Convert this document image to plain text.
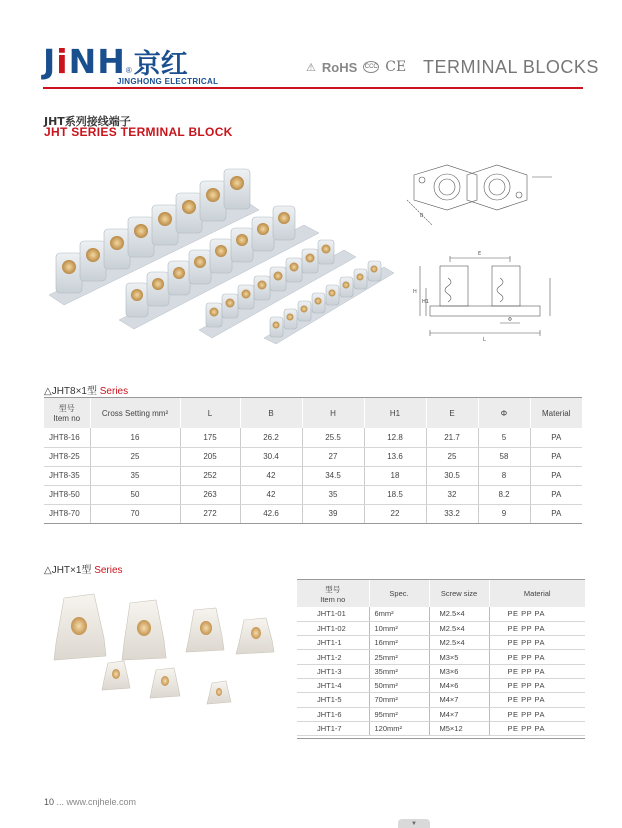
JiNH ® 京红
JINGHONG ELECTRICAL
⚠ RoHS CCC CE TERMINAL BLOCKS
JHT系列接线端子
JHT SERIES TERMINAL BLOCK
B
E
H
H1
L
Φ
△JHT8×1型 Series
型号
Item no	Cross Setting mm²	L	B	H	H1	E	Φ	Material
JHT8-16	16	175	26.2	25.5	12.8	21.7	5	PA
JHT8-25	25	205	30.4	27	13.6	25	58	PA
JHT8-35	35	252	42	34.5	18	30.5	8	PA
JHT8-50	50	263	42	35	18.5	32	8.2	PA
JHT8-70	70	272	42.6	39	22	33.2	9	PA
△JHT×1型 Series
型号
Item no	Spec.	Screw size	Material
JHT1-01	6mm²	M2.5×4	PE PP PA
JHT1-02	10mm²	M2.5×4	PE PP PA
JHT1-1	16mm²	M2.5×4	PE PP PA
JHT1-2	25mm²	M3×5	PE PP PA
JHT1-3	35mm²	M3×6	PE PP PA
JHT1-4	50mm²	M4×6	PE PP PA
JHT1-5	70mm²	M4×7	PE PP PA
JHT1-6	95mm²	M4×7	PE PP PA
JHT1-7	120mm²	M5×12	PE PP PA
10 ... www.cnjhele.com
▼
